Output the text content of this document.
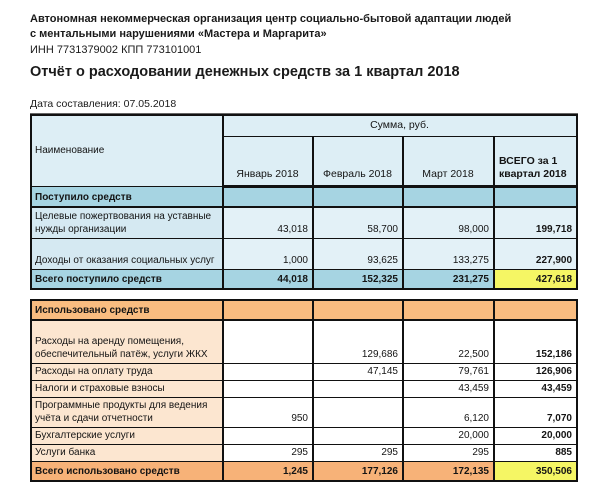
Автономная некоммерческая организация центр социально-бытовой адаптации людей
с ментальными нарушениями «Мастера и Маргарита»
ИНН 7731379002 КПП 773101001
Отчёт о расходовании денежных средств за 1 квартал 2018
Дата составления: 07.05.2018
Наименование	Сумма, руб.			
	Январь 2018	Февраль 2018	Март 2018	ВСЕГО за 1 квартал 2018
Поступило средств				
Целевые пожертвования на уставные нужды организации	43,018	58,700	98,000	199,718
Доходы от оказания социальных услуг	1,000	93,625	133,275	227,900
Всего поступило средств	44,018	152,325	231,275	427,618
Использовано средств				
Расходы на аренду помещения, обеспечительный патёж, услуги ЖКХ		129,686	22,500	152,186
Расходы на оплату труда		47,145	79,761	126,906
Налоги и страховые взносы			43,459	43,459
Программные продукты для ведения учёта и сдачи отчетности	950		6,120	7,070
Бухгалтерские услуги			20,000	20,000
Услуги банка	295	295	295	885
Всего использовано средств	1,245	177,126	172,135	350,506
